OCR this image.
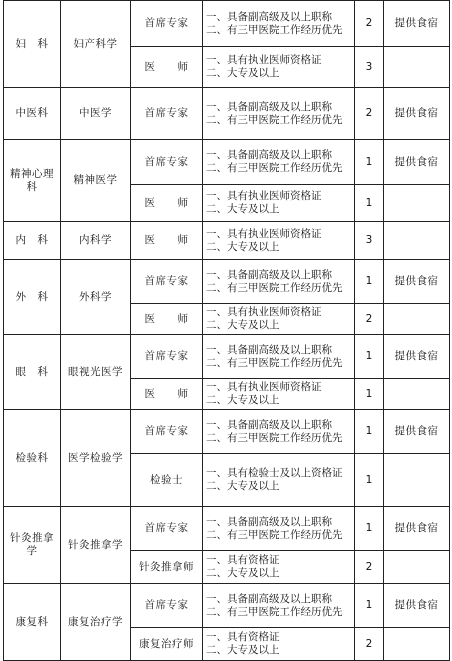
妇　科	妇产科学	首席专家	一、具备副高级及以上职称
二、有三甲医院工作经历优先	2	提供食宿
		医　　师	一、具有执业医师资格证
二、大专及以上	3	
中医科	中医学	首席专家	一、具备副高级及以上职称
二、有三甲医院工作经历优先	2	提供食宿
精神心理科	精神医学	首席专家	一、具备副高级及以上职称
二、有三甲医院工作经历优先	1	提供食宿
		医　　师	一、具有执业医师资格证
二、大专及以上	1	
内　科	内科学	医　　师	一、具有执业医师资格证
二、大专及以上	3	
外　科	外科学	首席专家	一、具备副高级及以上职称
二、有三甲医院工作经历优先	1	提供食宿
		医　　师	一、具有执业医师资格证
二、大专及以上	2	
眼　科	眼视光医学	首席专家	一、具备副高级及以上职称
二、有三甲医院工作经历优先	1	提供食宿
		医　　师	一、具有执业医师资格证
二、大专及以上	1	
检验科	医学检验学	首席专家	一、具备副高级及以上职称
二、有三甲医院工作经历优先	1	提供食宿
		检验士	一、具有检验士及以上资格证
二、大专及以上	1	
针灸推拿学	针灸推拿学	首席专家	一、具备副高级及以上职称
二、有三甲医院工作经历优先	1	提供食宿
		针灸推拿师	一、具有资格证
二、大专及以上	2	
康复科	康复治疗学	首席专家	一、具备副高级及以上职称
二、有三甲医院工作经历优先	1	提供食宿
		康复治疗师	一、具有资格证
二、大专及以上	2	
